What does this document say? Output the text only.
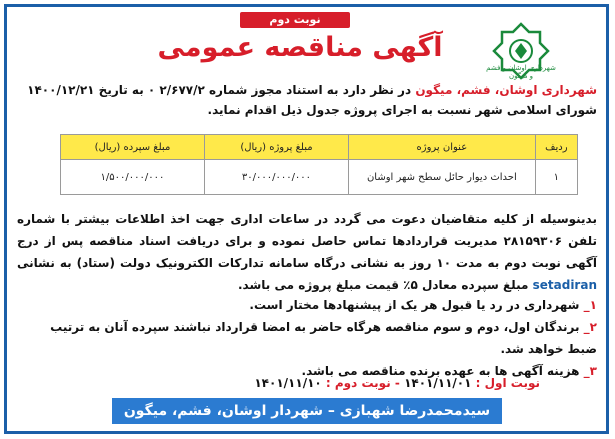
نوبت دوم
آگهی مناقصه عمومی
شهرداری اوشان و فشم و میگون
شهرداری اوشان، فشم، میگون در نظر دارد به استناد مجوز شماره ۲/۶۷۷/۲ ۰ به تاریخ ۱۴۰۰/۱۲/۲۱ شورای اسلامی شهر نسبت به اجرای پروژه جدول ذیل اقدام نماید.
ردیف	عنوان پروژه	مبلغ پروژه (ریال)	مبلغ سپرده (ریال)
۱	احداث دیوار حائل سطح شهر اوشان	۳۰/۰۰۰/۰۰۰/۰۰۰	۱/۵۰۰/۰۰۰/۰۰۰
بدینوسیله از کلیه متقاضیان دعوت می گردد در ساعات اداری جهت اخذ اطلاعات بیشتر با شماره تلفن ۲۸۱۵۹۳۰۶ مدیریت قراردادها تماس حاصل نموده و برای دریافت اسناد مناقصه پس از درج آگهی نوبت دوم به مدت ۱۰ روز به نشانی درگاه سامانه تدارکات الکترونیک دولت (ستاد) به نشانی setadiran مبلغ سپرده معادل ۵٪ قیمت مبلغ پروژه می باشد.
۱_ شهرداری در رد یا قبول هر یک از پیشنهادها مختار است.
۲_ برندگان اول، دوم و سوم مناقصه هرگاه حاضر به امضا قرارداد نباشند سپرده آنان به ترتیب ضبط خواهد شد.
۳_ هزینه آگهی ها به عهده برنده مناقصه می باشد.
نوبت اول : ۱۴۰۱/۱۱/۰۱ - نوبت دوم : ۱۴۰۱/۱۱/۱۰
سیدمحمدرضا شهبازی – شهردار اوشان، فشم، میگون
